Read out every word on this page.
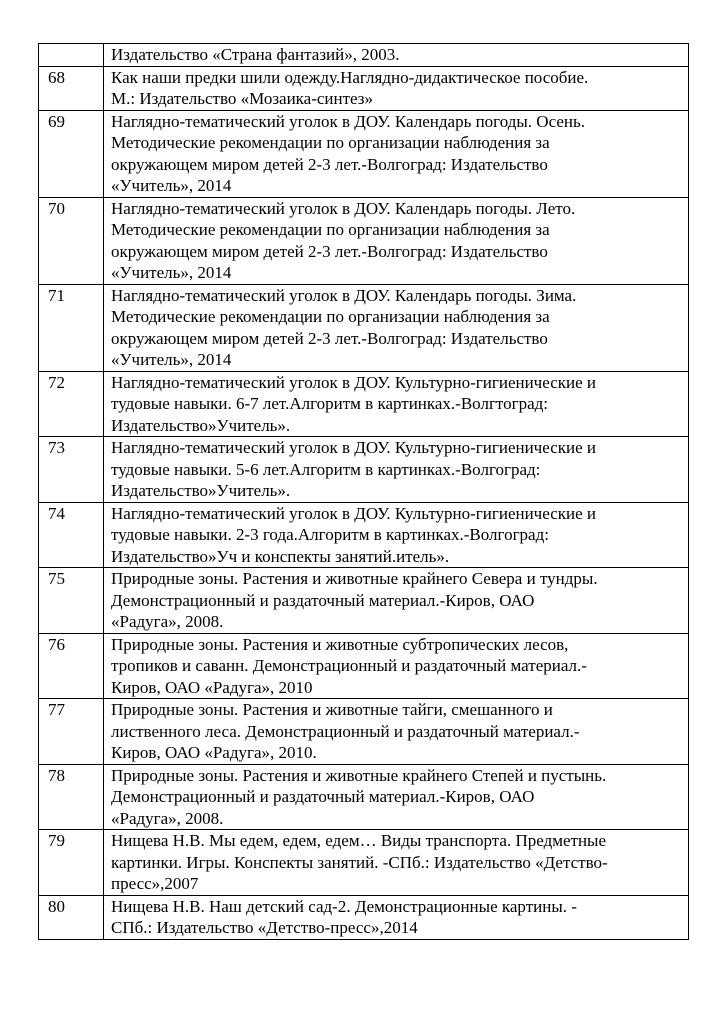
	Издательство «Страна фантазий», 2003.

68	Как наши предки шили одежду.Наглядно-дидактическое пособие.
М.: Издательство «Мозаика-синтез»

69	Наглядно-тематический уголок в ДОУ. Календарь погоды. Осень.
Методические рекомендации по организации наблюдения за
окружающем миром детей 2-3 лет.-Волгоград: Издательство
«Учитель», 2014

70	Наглядно-тематический уголок в ДОУ. Календарь погоды. Лето.
Методические рекомендации по организации наблюдения за
окружающем миром детей 2-3 лет.-Волгоград: Издательство
«Учитель», 2014

71	Наглядно-тематический уголок в ДОУ. Календарь погоды. Зима.
Методические рекомендации по организации наблюдения за
окружающем миром детей 2-3 лет.-Волгоград: Издательство
«Учитель», 2014

72	Наглядно-тематический уголок в ДОУ. Культурно-гигиенические и
тудовые навыки. 6-7 лет.Алгоритм в картинках.-Волгтоград:
Издательство»Учитель».

73	Наглядно-тематический уголок в ДОУ. Культурно-гигиенические и
тудовые навыки. 5-6 лет.Алгоритм в картинках.-Волгоград:
Издательство»Учитель».

74	Наглядно-тематический уголок в ДОУ. Культурно-гигиенические и
тудовые навыки. 2-3 года.Алгоритм в картинках.-Волгоград:
Издательство»Уч и конспекты занятий.итель».

75	Природные зоны. Растения и животные крайнего Севера и тундры.
Демонстрационный и раздаточный материал.-Киров, ОАО
«Радуга», 2008.

76	Природные зоны. Растения и животные субтропических лесов,
тропиков и саванн. Демонстрационный и раздаточный материал.-
Киров, ОАО «Радуга», 2010

77	Природные зоны. Растения и животные тайги, смешанного и
лиственного леса. Демонстрационный и раздаточный материал.-
Киров, ОАО «Радуга», 2010.

78	Природные зоны. Растения и животные крайнего Степей и пустынь.
Демонстрационный и раздаточный материал.-Киров, ОАО
«Радуга», 2008.

79	Нищева Н.В. Мы едем, едем, едем… Виды транспорта. Предметные
картинки. Игры. Конспекты занятий. -СПб.: Издательство «Детство-
пресс»,2007

80	Нищева Н.В. Наш детский сад-2. Демонстрационные картины. -
СПб.: Издательство «Детство-пресс»,2014
